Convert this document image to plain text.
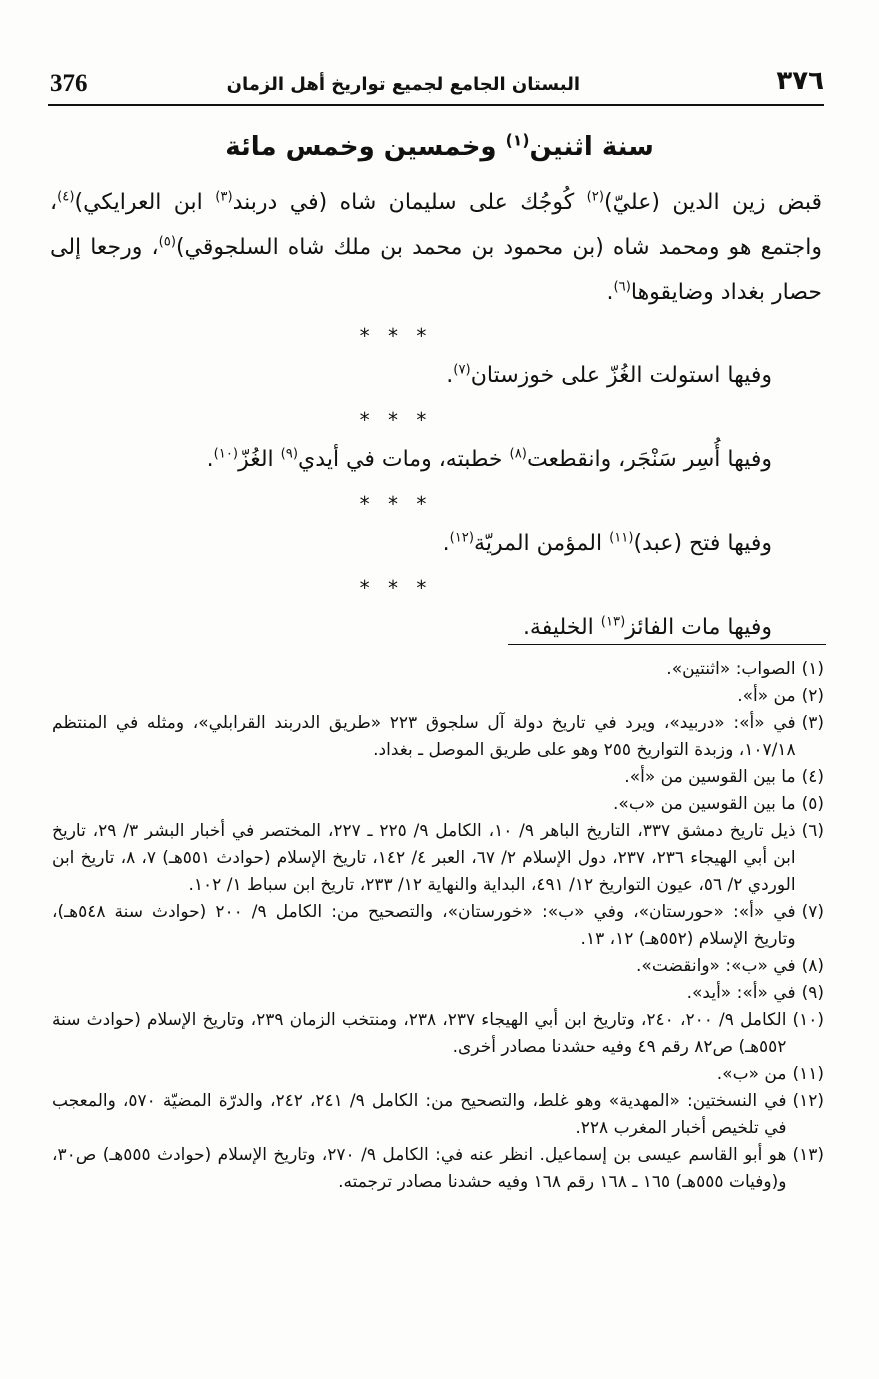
376	البستان الجامع لجميع تواريخ أهل الزمان	٣٧٦
سنة اثنين$^{(١)}$ وخمسين وخمس مائة

قبض زين الدين (عليّ)$^{(٢)}$ كُوجُك على سليمان شاه (في دربند$^{(٣)}$ ابن العرايكي)$^{(٤)}$، واجتمع هو ومحمد شاه (بن محمود بن محمد بن ملك شاه السلجوقي)$^{(٥)}$، ورجعا إلى حصار بغداد وضايقوها$^{(٦)}$.

* * *

وفيها استولت الغُزّ على خوزستان$^{(٧)}$.

* * *

وفيها أُسِر سَنْجَر، وانقطعت$^{(٨)}$ خطبته، ومات في أيدي$^{(٩)}$ الغُزّ$^{(١٠)}$.

* * *

وفيها فتح (عبد)$^{(١١)}$ المؤمن المريّة$^{(١٢)}$.

* * *

وفيها مات الفائز$^{(١٣)}$ الخليفة.

(١)
الصواب: «اثنتين».
(٢)
من «أ».
(٣)
في «أ»: «دربيد»، ويرد في تاريخ دولة آل سلجوق ٢٢٣ «طريق الدربند القرابلي»، ومثله في المنتظم ١٠٧/١٨، وزبدة التواريخ ٢٥٥ وهو على طريق الموصل ـ بغداد.
(٤)
ما بين القوسين من «أ».
(٥)
ما بين القوسين من «ب».
(٦)
ذيل تاريخ دمشق ٣٣٧، التاريخ الباهر ٩/ ١٠، الكامل ٩/ ٢٢٥ ـ ٢٢٧، المختصر في أخبار البشر ٣/ ٢٩، تاريخ ابن أبي الهيجاء ٢٣٦، ٢٣٧، دول الإسلام ٢/ ٦٧، العبر ٤/ ١٤٢، تاريخ الإسلام (حوادث ٥٥١هـ) ٧، ٨، تاريخ ابن الوردي ٢/ ٥٦، عيون التواريخ ١٢/ ٤٩١، البداية والنهاية ١٢/ ٢٣٣، تاريخ ابن سباط ١/ ١٠٢.
(٧)
في «أ»: «حورستان»، وفي «ب»: «خورستان»، والتصحيح من: الكامل ٩/ ٢٠٠ (حوادث سنة ٥٤٨هـ)، وتاريخ الإسلام (٥٥٢هـ) ١٢، ١٣.
(٨)
في «ب»: «وانقضت».
(٩)
في «أ»: «أيد».
(١٠)
الكامل ٩/ ٢٠٠، ٢٤٠، وتاريخ ابن أبي الهيجاء ٢٣٧، ٢٣٨، ومنتخب الزمان ٢٣٩، وتاريخ الإسلام (حوادث سنة ٥٥٢هـ) ص٨٢ رقم ٤٩ وفيه حشدنا مصادر أخرى.
(١١)
من «ب».
(١٢)
في النسختين: «المهدية» وهو غلط، والتصحيح من: الكامل ٩/ ٢٤١، ٢٤٢، والدرّة المضيّة ٥٧٠، والمعجب في تلخيص أخبار المغرب ٢٢٨.
(١٣)
هو أبو القاسم عيسى بن إسماعيل. انظر عنه في: الكامل ٩/ ٢٧٠، وتاريخ الإسلام (حوادث ٥٥٥هـ) ص٣٠، و(وفيات ٥٥٥هـ) ١٦٥ ـ ١٦٨ رقم ١٦٨ وفيه حشدنا مصادر ترجمته.
